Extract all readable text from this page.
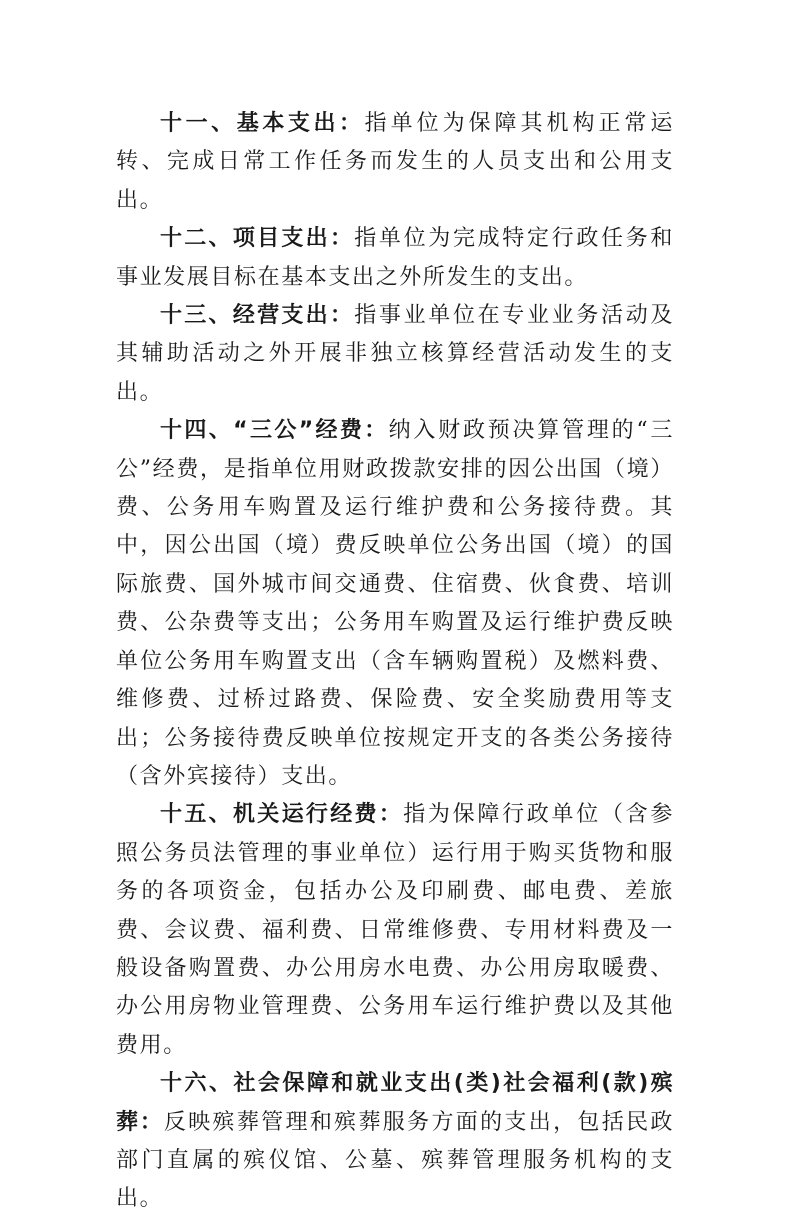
十一、基本支出：指单位为保障其机构正常运转、完成日常工作任务而发生的人员支出和公用支出。

十二、项目支出：指单位为完成特定行政任务和事业发展目标在基本支出之外所发生的支出。

十三、经营支出：指事业单位在专业业务活动及其辅助活动之外开展非独立核算经营活动发生的支出。

十四、“三公”经费：纳入财政预决算管理的“三公”经费，是指单位用财政拨款安排的因公出国（境）费、公务用车购置及运行维护费和公务接待费。其中，因公出国（境）费反映单位公务出国（境）的国际旅费、国外城市间交通费、住宿费、伙食费、培训费、公杂费等支出；公务用车购置及运行维护费反映单位公务用车购置支出（含车辆购置税）及燃料费、维修费、过桥过路费、保险费、安全奖励费用等支出；公务接待费反映单位按规定开支的各类公务接待（含外宾接待）支出。

十五、机关运行经费：指为保障行政单位（含参照公务员法管理的事业单位）运行用于购买货物和服务的各项资金，包括办公及印刷费、邮电费、差旅费、会议费、福利费、日常维修费、专用材料费及一般设备购置费、办公用房水电费、办公用房取暖费、办公用房物业管理费、公务用车运行维护费以及其他费用。

十六、社会保障和就业支出(类)社会福利(款)殡葬：反映殡葬管理和殡葬服务方面的支出，包括民政部门直属的殡仪馆、公墓、殡葬管理服务机构的支出。
